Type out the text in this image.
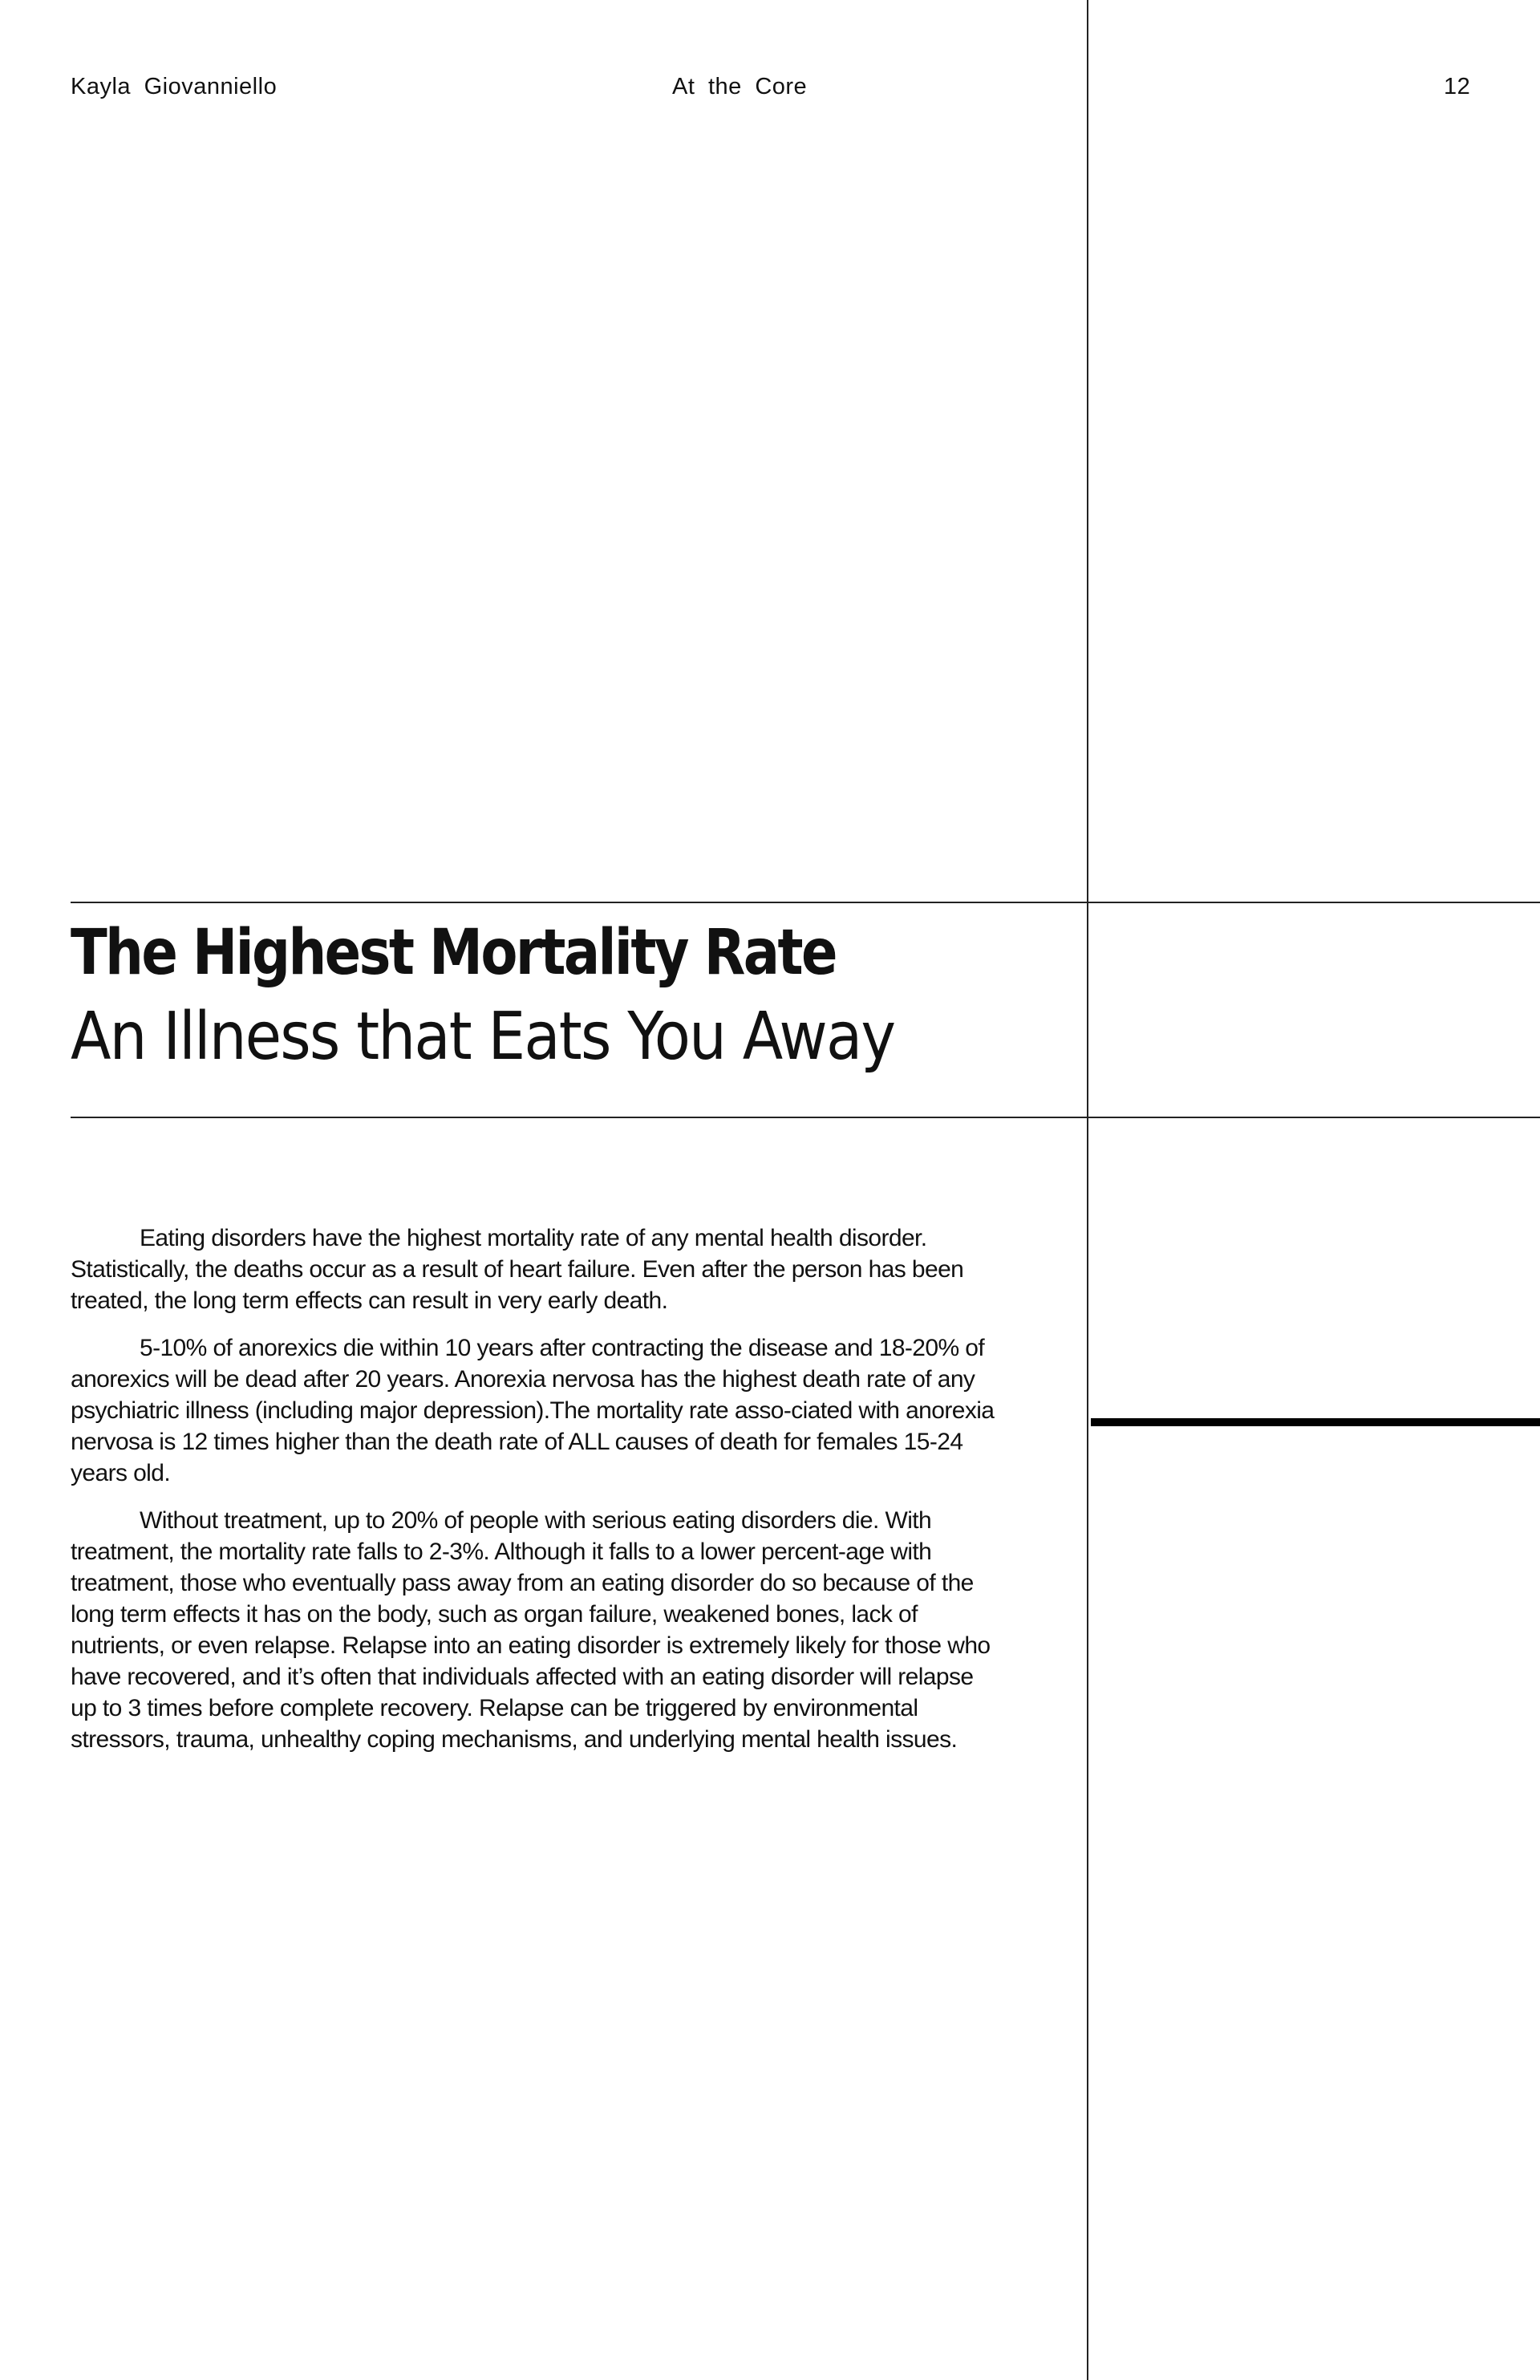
Kayla Giovanniello	At the Core	12
The Highest Mortality Rate
An Illness that Eats You Away

Eating disorders have the highest mortality rate of any mental health disorder. Statistically, the deaths occur as a result of heart failure. Even after the person has been treated, the long term effects can result in very early death.

5-10% of anorexics die within 10 years after contracting the disease and 18-20% of anorexics will be dead after 20 years. Anorexia nervosa has the highest death rate of any psychiatric illness (including major depression).The mortality rate asso-ciated with anorexia nervosa is 12 times higher than the death rate of ALL causes of death for females 15-24 years old.

Without treatment, up to 20% of people with serious eating disorders die. With treatment, the mortality rate falls to 2-3%. Although it falls to a lower percent-age with treatment, those who eventually pass away from an eating disorder do so because of the long term effects it has on the body, such as organ failure, weakened bones, lack of nutrients, or even relapse. Relapse into an eating disorder is extremely likely for those who have recovered, and it’s often that individuals affected with an eating disorder will relapse up to 3 times before complete recovery. Relapse can be triggered by environmental stressors, trauma, unhealthy coping mechanisms, and underlying mental health issues.
